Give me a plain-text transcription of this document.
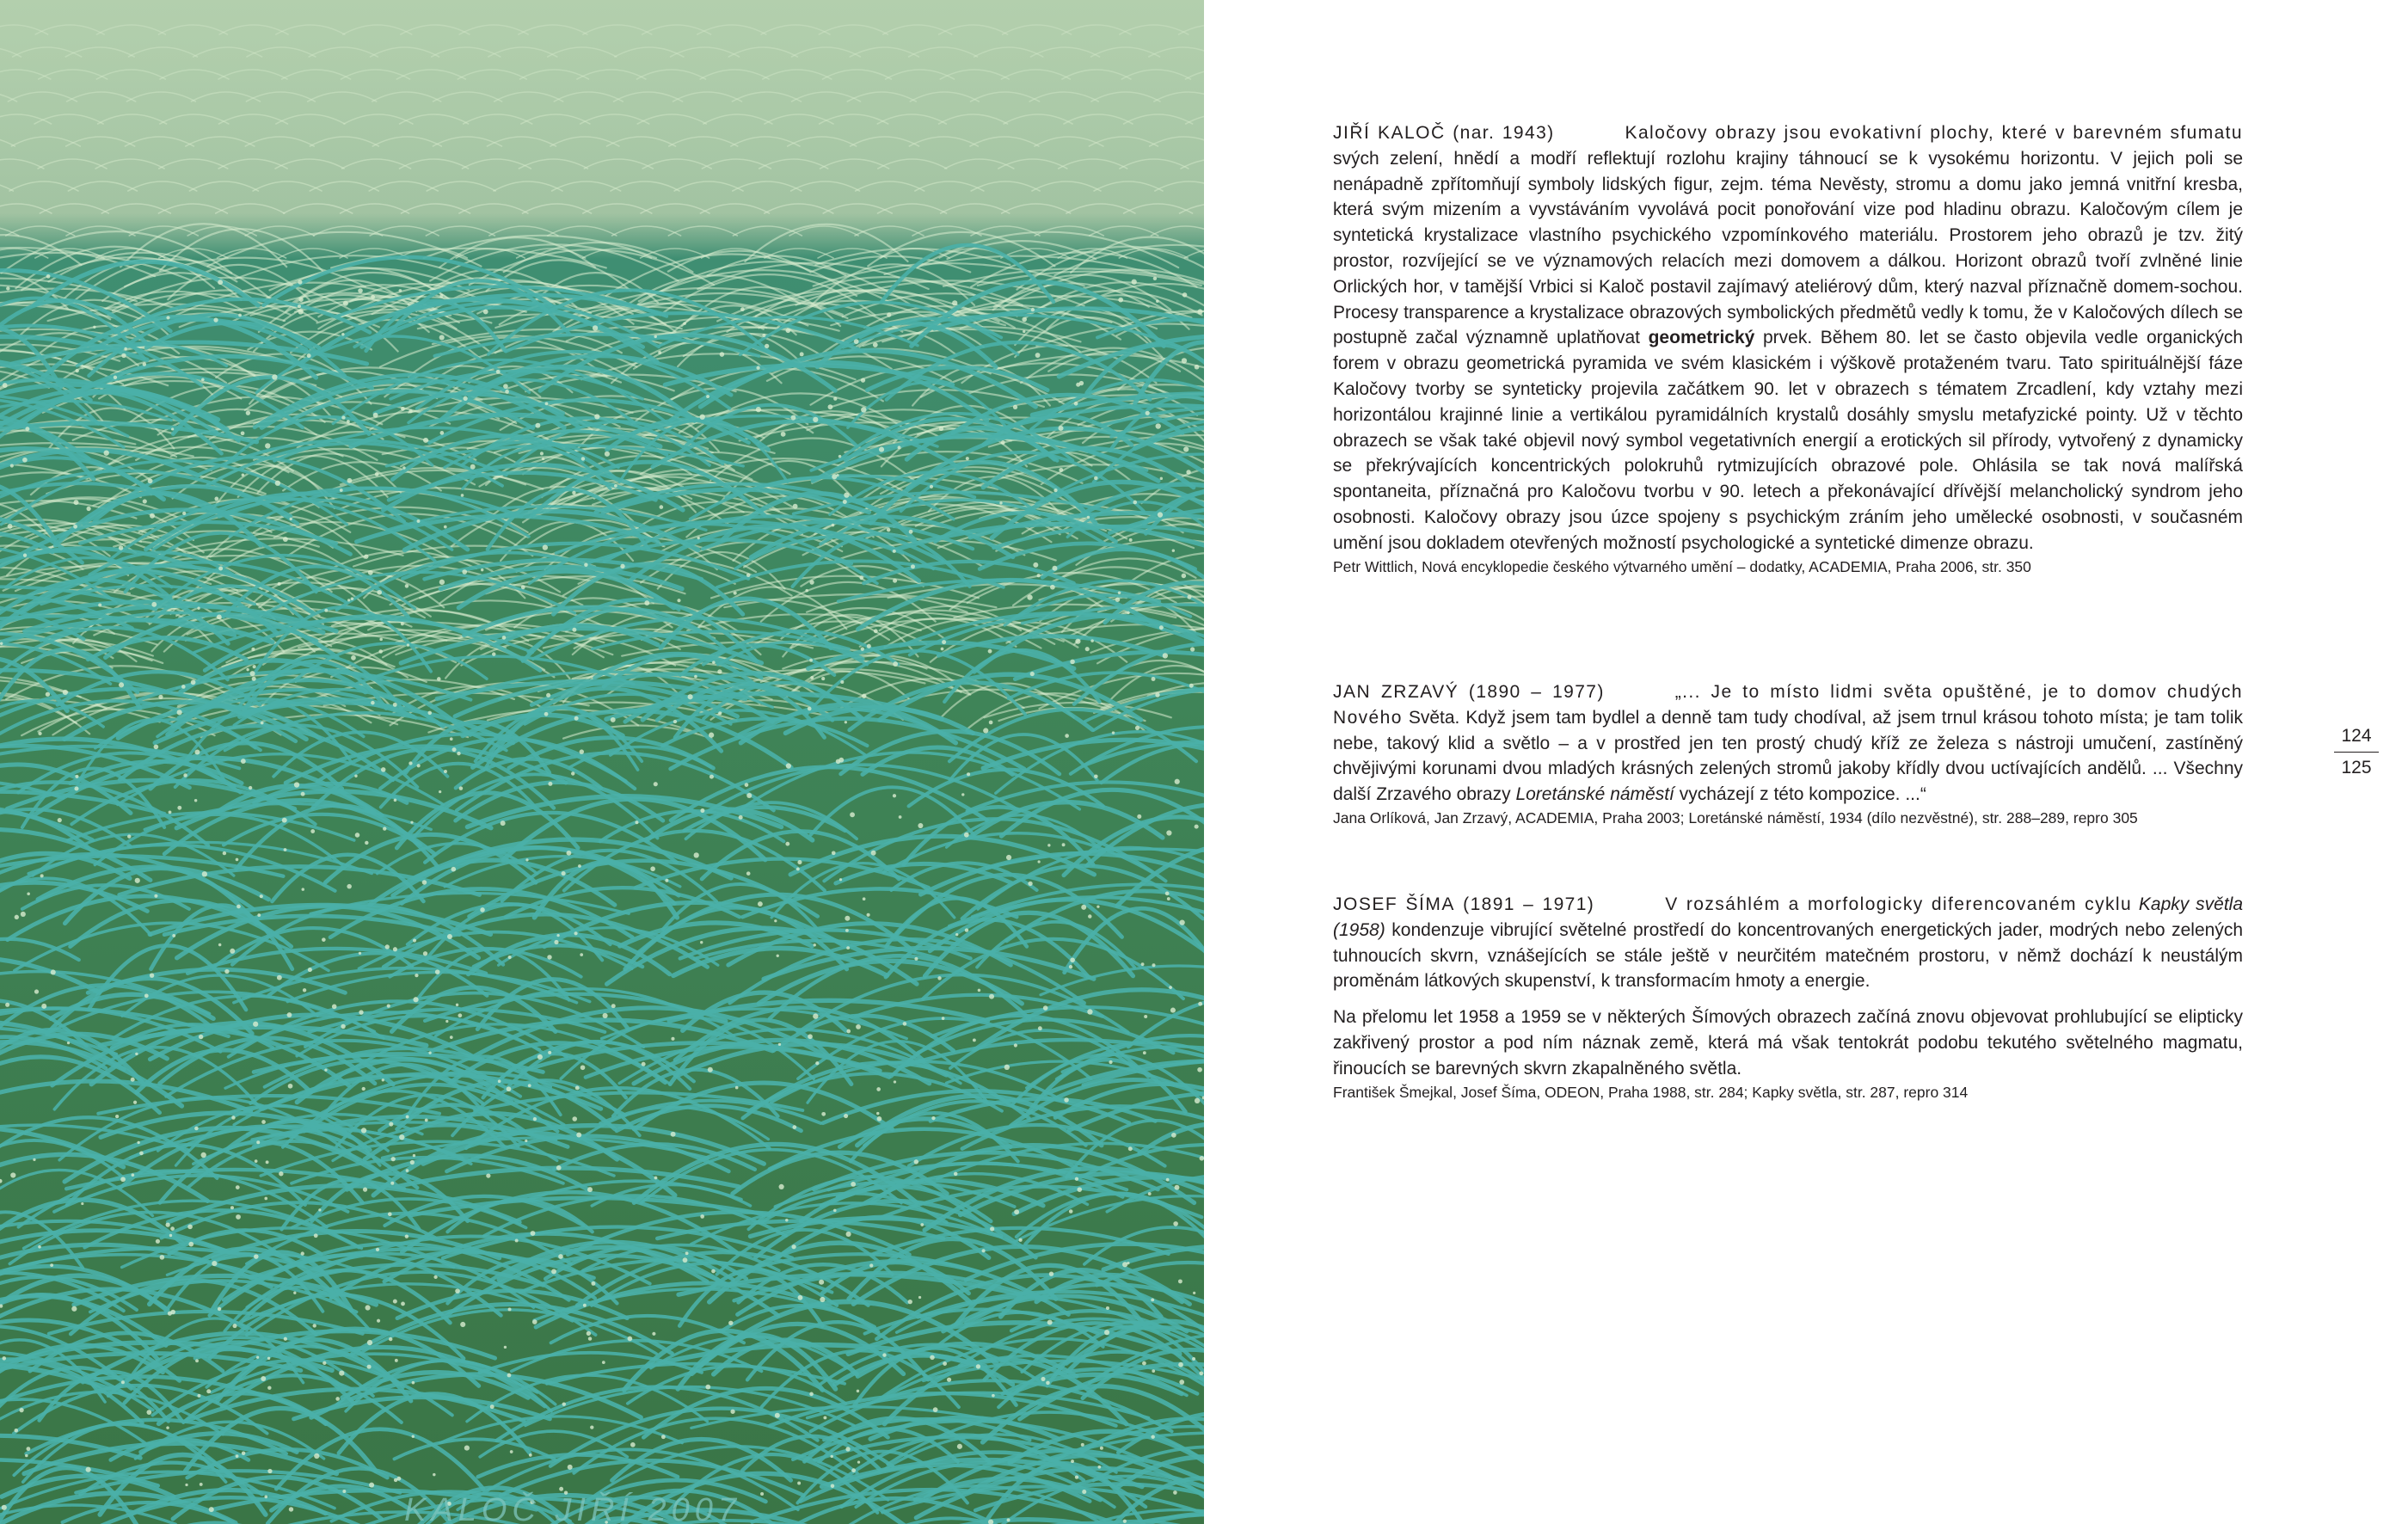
KALOČ JIŘÍ 2007

JIŘÍ KALOČ (nar. 1943)	Kaločovy obrazy jsou evokativní plochy, které v barevném sfumatu svých zelení, hnědí a modří reflektují rozlohu krajiny táhnoucí se k vysokému horizontu. V jejich poli se nenápadně zpřítomňují symboly lidských figur, zejm. téma Nevěsty, stromu a domu jako jemná vnitřní kresba, která svým mizením a vyvstáváním vyvolává pocit ponořování vize pod hladinu obrazu. Kaločovým cílem je syntetická krystalizace vlastního psychického vzpomínkového materiálu. Prostorem jeho obrazů je tzv. žitý prostor, rozvíjející se ve významových relacích mezi domovem a dálkou. Horizont obrazů tvoří zvlněné linie Orlických hor, v tamější Vrbici si Kaloč postavil zajímavý ateliérový dům, který nazval příznačně domem-sochou. Procesy transparence a krystalizace obrazových symbolických předmětů vedly k tomu, že v Kaločových dílech se postupně začal významně uplatňovat geometrický prvek. Během 80. let se často objevila vedle organických forem v obrazu geometrická pyramida ve svém klasickém i výškově protaženém tvaru. Tato spirituálnější fáze Kaločovy tvorby se synteticky projevila začátkem 90. let v obrazech s tématem Zrcadlení, kdy vztahy mezi horizontálou krajinné linie a vertikálou pyramidálních krystalů dosáhly smyslu metafyzické pointy. Už v těchto obrazech se však také objevil nový symbol vegetativních energií a erotických sil přírody, vytvořený z dynamicky se překrývajících koncentrických polokruhů rytmizujících obrazové pole. Ohlásila se tak nová malířská spontaneita, příznačná pro Kaločovu tvorbu v 90. letech a překonávající dřívější melancholický syndrom jeho osobnosti. Kaločovy obrazy jsou úzce spojeny s psychickým zráním jeho umělecké osobnosti, v současném umění jsou dokladem otevřených možností psychologické a syntetické dimenze obrazu.

Petr Wittlich, Nová encyklopedie českého výtvarného umění – dodatky, ACADEMIA, Praha 2006, str. 350

JAN ZRZAVÝ (1890 – 1977)	„... Je to místo lidmi světa opuštěné, je to domov chudých Nového Světa. Když jsem tam bydlel a denně tam tudy chodíval, až jsem trnul krásou tohoto místa; je tam tolik nebe, takový klid a světlo – a v prostřed jen ten prostý chudý kříž ze železa s nástroji umučení, zastíněný chvějivými korunami dvou mladých krásných zelených stromů jakoby křídly dvou uctívajících andělů. ... Všechny další Zrzavého obrazy Loretánské náměstí vycházejí z této kompozice. ...“

Jana Orlíková, Jan Zrzavý, ACADEMIA, Praha 2003; Loretánské náměstí, 1934 (dílo nezvěstné), str. 288–289, repro 305

JOSEF ŠÍMA (1891 – 1971)	V rozsáhlém a morfologicky diferencovaném cyklu Kapky světla (1958) kondenzuje vibrující světelné prostředí do koncentrovaných energetických jader, modrých nebo zelených tuhnoucích skvrn, vznášejících se stále ještě v neurčitém matečném prostoru, v němž dochází k neustálým proměnám látkových skupenství, k transformacím hmoty a energie.

Na přelomu let 1958 a 1959 se v některých Šímových obrazech začíná znovu objevovat prohlubující se elipticky zakřivený prostor a pod ním náznak země, která má však tentokrát podobu tekutého světelného magmatu, řinoucích se barevných skvrn zkapalněného světla.

František Šmejkal, Josef Šíma, ODEON, Praha 1988, str. 284; Kapky světla, str. 287, repro 314

124
125
